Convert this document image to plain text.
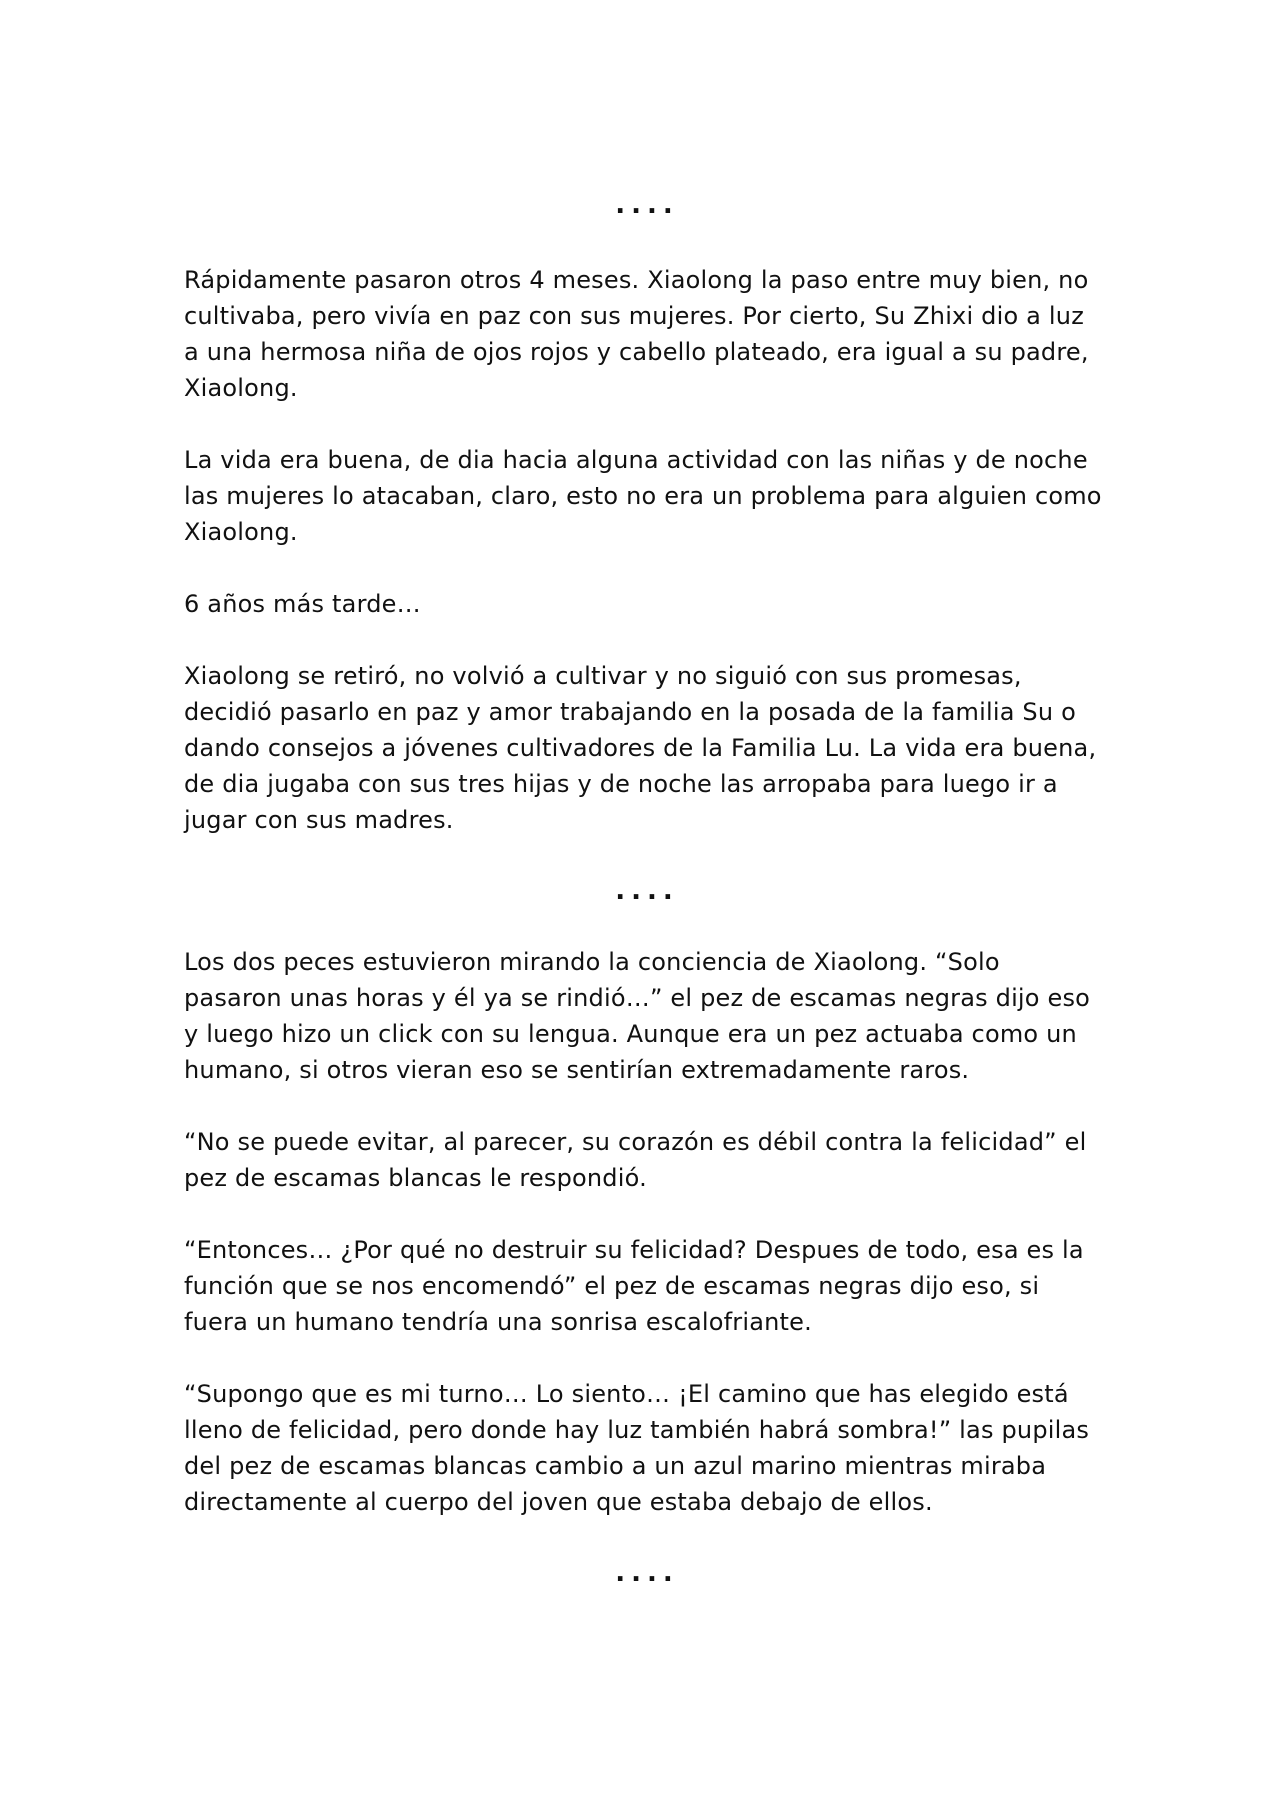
....

Rápidamente pasaron otros 4 meses. Xiaolong la paso entre muy bien, no cultivaba, pero vivía en paz con sus mujeres. Por cierto, Su Zhixi dio a luz a una hermosa niña de ojos rojos y cabello plateado, era igual a su padre, Xiaolong.

La vida era buena, de dia hacia alguna actividad con las niñas y de noche las mujeres lo atacaban, claro, esto no era un problema para alguien como Xiaolong.

6 años más tarde…

Xiaolong se retiró, no volvió a cultivar y no siguió con sus promesas, decidió pasarlo en paz y amor trabajando en la posada de la familia Su o dando consejos a jóvenes cultivadores de la Familia Lu. La vida era buena, de dia jugaba con sus tres hijas y de noche las arropaba para luego ir a jugar con sus madres.

....

Los dos peces estuvieron mirando la conciencia de Xiaolong. “Solo pasaron unas horas y él ya se rindió…” el pez de escamas negras dijo eso y luego hizo un click con su lengua. Aunque era un pez actuaba como un humano, si otros vieran eso se sentirían extremadamente raros.

“No se puede evitar, al parecer, su corazón es débil contra la felicidad” el pez de escamas blancas le respondió.

“Entonces… ¿Por qué no destruir su felicidad? Despues de todo, esa es la función que se nos encomendó” el pez de escamas negras dijo eso, si fuera un humano tendría una sonrisa escalofriante.

“Supongo que es mi turno… Lo siento… ¡El camino que has elegido está lleno de felicidad, pero donde hay luz también habrá sombra!” las pupilas del pez de escamas blancas cambio a un azul marino mientras miraba directamente al cuerpo del joven que estaba debajo de ellos.

....
